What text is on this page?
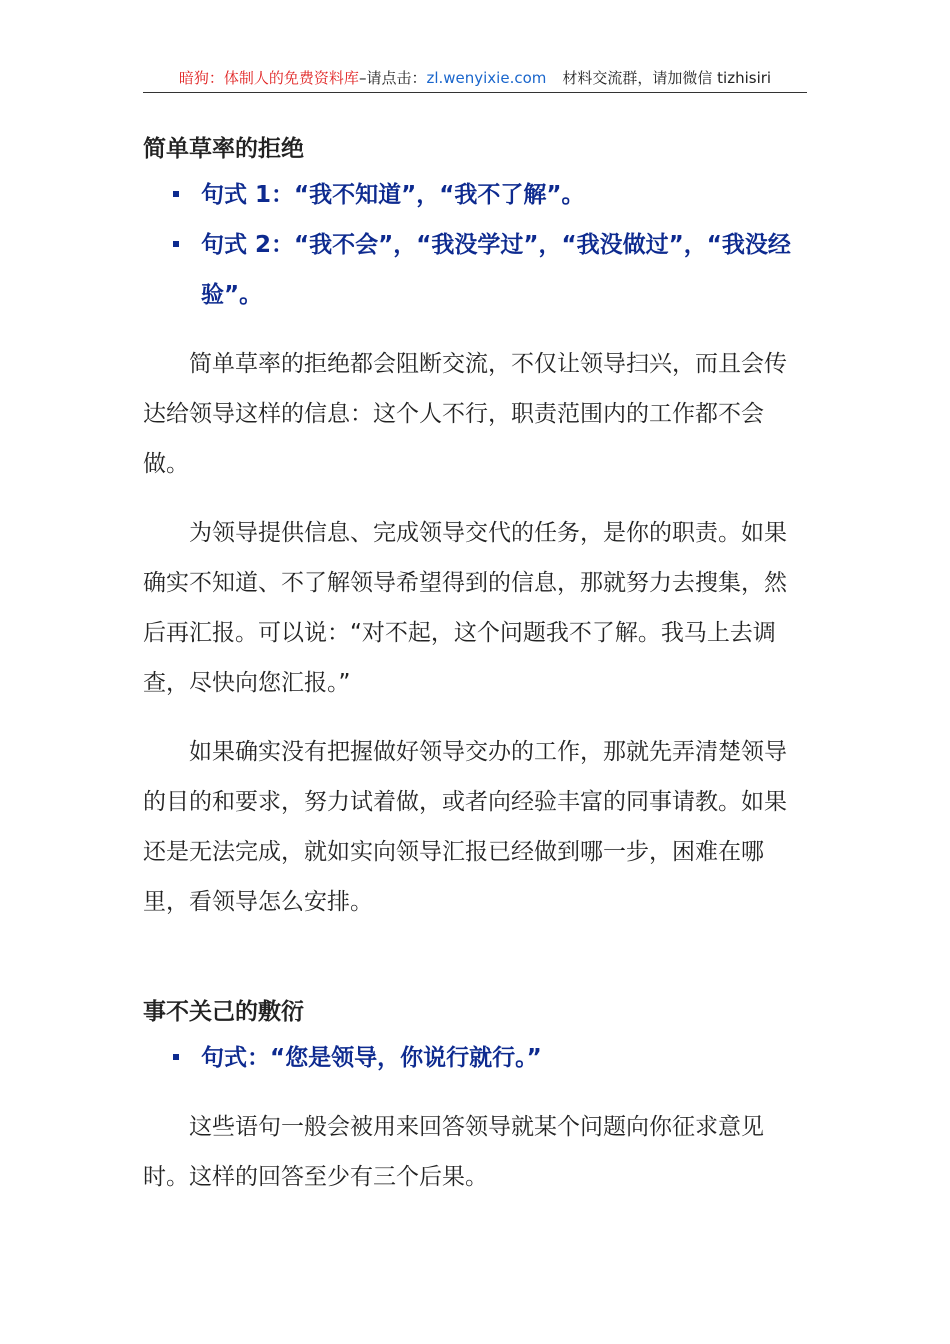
暗狗：体制人的免费资料库–请点击：zl.wenyixie.com 材料交流群，请加微信 tizhisiri
简单草率的拒绝
句式 1：“我不知道”，“我不了解”。
句式 2：“我不会”，“我没学过”，“我没做过”，“我没经验”。

简单草率的拒绝都会阻断交流，不仅让领导扫兴，而且会传达给领导这样的信息：这个人不行，职责范围内的工作都不会做。

为领导提供信息、完成领导交代的任务，是你的职责。如果确实不知道、不了解领导希望得到的信息，那就努力去搜集，然后再汇报。可以说：“对不起，这个问题我不了解。我马上去调查，尽快向您汇报。”

如果确实没有把握做好领导交办的工作，那就先弄清楚领导的目的和要求，努力试着做，或者向经验丰富的同事请教。如果还是无法完成，就如实向领导汇报已经做到哪一步，困难在哪里，看领导怎么安排。

事不关己的敷衍
句式：“您是领导，你说行就行。”

这些语句一般会被用来回答领导就某个问题向你征求意见时。这样的回答至少有三个后果。
